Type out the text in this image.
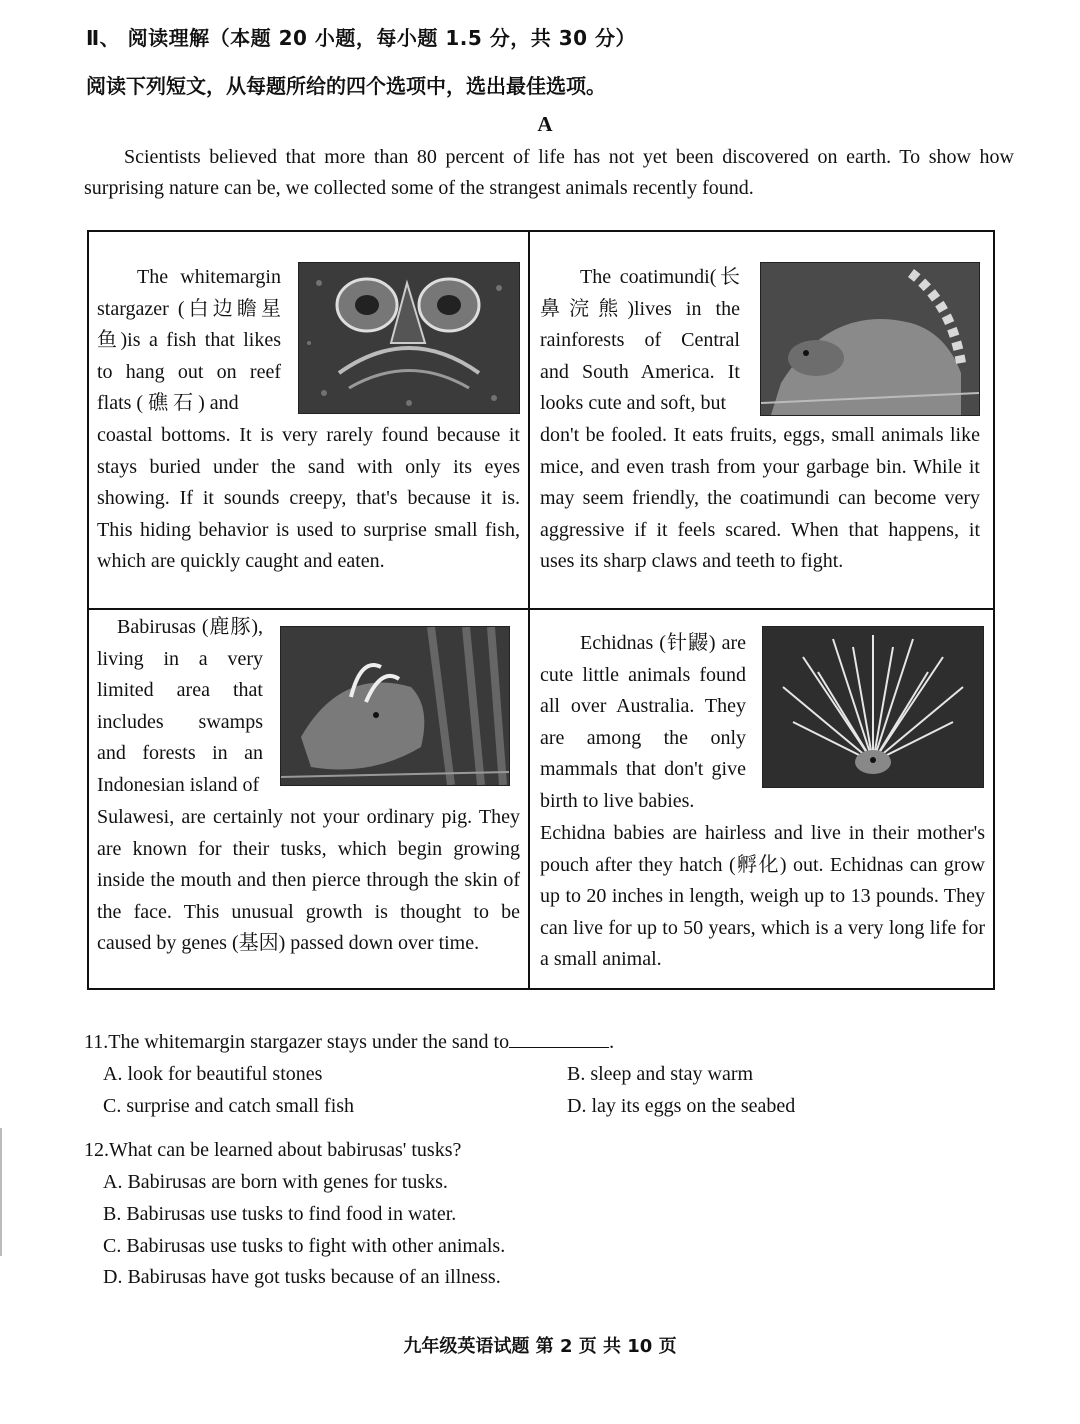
Ⅱ、 阅读理解（本题 20 小题，每小题 1.5 分，共 30 分）
阅读下列短文，从每题所给的四个选项中，选出最佳选项。
A
Scientists believed that more than 80 percent of life has not yet been discovered on earth. To show how surprising nature can be, we collected some of the strangest animals recently found.
The whitemargin stargazer (白边瞻星鱼)is a fish that likes to hang out on reef flats ( 礁 石 ) and
coastal bottoms. It is very rarely found because it stays buried under the sand with only its eyes showing. If it sounds creepy, that's because it is. This hiding behavior is used to surprise small fish, which are quickly caught and eaten.
The coatimundi(长鼻浣熊)lives in the rainforests of Central and South America. It looks cute and soft, but
don't be fooled. It eats fruits, eggs, small animals like mice, and even trash from your garbage bin. While it may seem friendly, the coatimundi can become very aggressive if it feels scared. When that happens, it uses its sharp claws and teeth to fight.
Babirusas (鹿豚), living in a very limited area that includes swamps and forests in an Indonesian island of
Sulawesi, are certainly not your ordinary pig. They are known for their tusks, which begin growing inside the mouth and then pierce through the skin of the face. This unusual growth is thought to be caused by genes (基因) passed down over time.
Echidnas (针鼹) are cute little animals found all over Australia. They are among the only mammals that don't give birth to live babies.
Echidna babies are hairless and live in their mother's pouch after they hatch (孵化) out. Echidnas can grow up to 20 inches in length, weigh up to 13 pounds. They can live for up to 50 years, which is a very long life for a small animal.
11.The whitemargin stargazer stays under the sand to	.
A. look for beautiful stones	B. sleep and stay warm
C. surprise and catch small fish	D. lay its eggs on the seabed
12.What can be learned about babirusas' tusks?
A. Babirusas are born with genes for tusks.
B. Babirusas use tusks to find food in water.
C. Babirusas use tusks to fight with other animals.
D. Babirusas have got tusks because of an illness.
九年级英语试题 第 2 页 共 10 页
